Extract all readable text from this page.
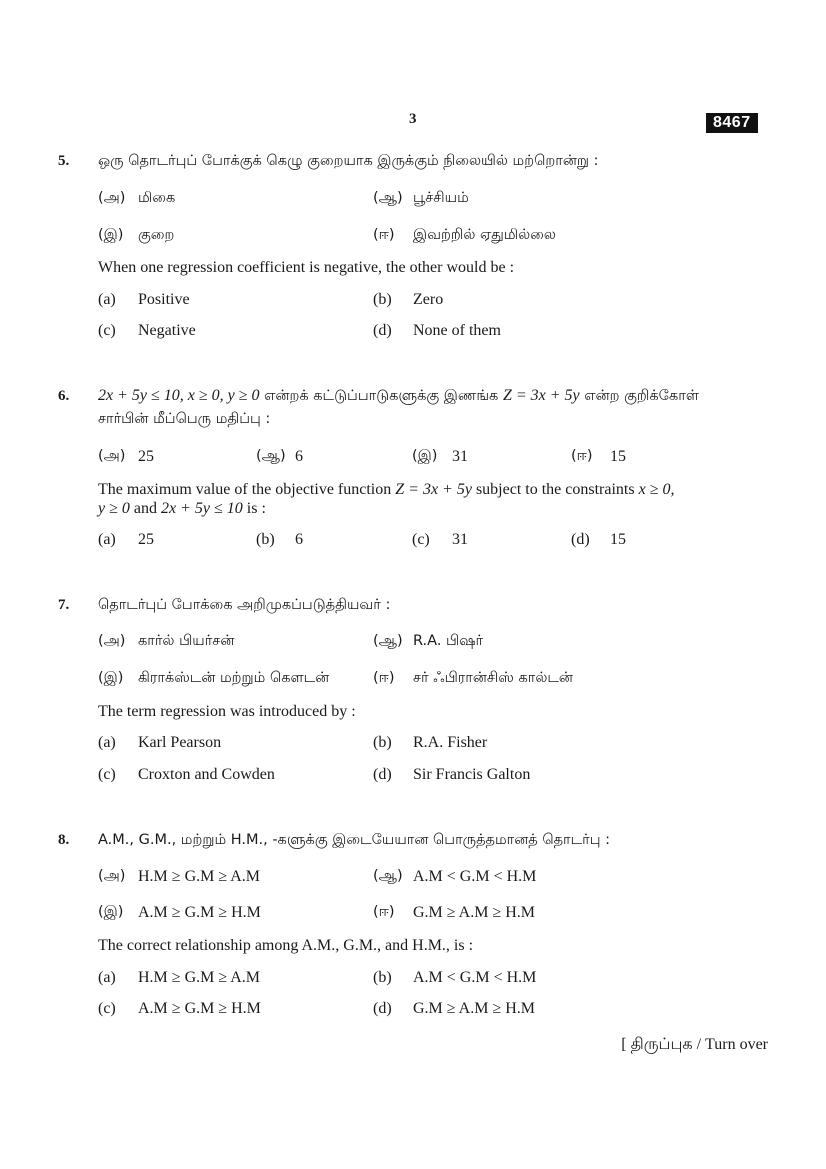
3	8467
5. ஒரு தொடர்புப் போக்குக் கெழு குறையாக இருக்கும் நிலையில் மற்றொன்று :
(அ) மிகை	(ஆ) பூச்சியம்
(இ) குறை	(ஈ) இவற்றில் ஏதுமில்லை
When one regression coefficient is negative, the other would be :
(a) Positive	(b) Zero
(c) Negative	(d) None of them
6. 2x + 5y ≤ 10, x ≥ 0, y ≥ 0 என்றக் கட்டுப்பாடுகளுக்கு இணங்க Z = 3x + 5y என்ற குறிக்கோள்
சார்பின் மீப்பெரு மதிப்பு :
(அ) 25	(ஆ) 6	(இ) 31	(ஈ) 15
The maximum value of the objective function Z = 3x + 5y subject to the constraints x ≥ 0,
y ≥ 0 and 2x + 5y ≤ 10 is :
(a) 25	(b) 6	(c) 31	(d) 15
7. தொடர்புப் போக்கை அறிமுகப்படுத்தியவர் :
(அ) கார்ல் பியர்சன்	(ஆ) R.A. பிஷர்
(இ) கிராக்ஸ்டன் மற்றும் கௌடன்	(ஈ) சர் ஃபிரான்சிஸ் கால்டன்
The term regression was introduced by :
(a) Karl Pearson	(b) R.A. Fisher
(c) Croxton and Cowden	(d) Sir Francis Galton
8. A.M., G.M., மற்றும் H.M., -களுக்கு இடையேயான பொருத்தமானத் தொடர்பு :
(அ) H.M ≥ G.M ≥ A.M	(ஆ) A.M < G.M < H.M
(இ) A.M ≥ G.M ≥ H.M	(ஈ) G.M ≥ A.M ≥ H.M
The correct relationship among A.M., G.M., and H.M., is :
(a) H.M ≥ G.M ≥ A.M	(b) A.M < G.M < H.M
(c) A.M ≥ G.M ≥ H.M	(d) G.M ≥ A.M ≥ H.M
[ திருப்புக / Turn over
